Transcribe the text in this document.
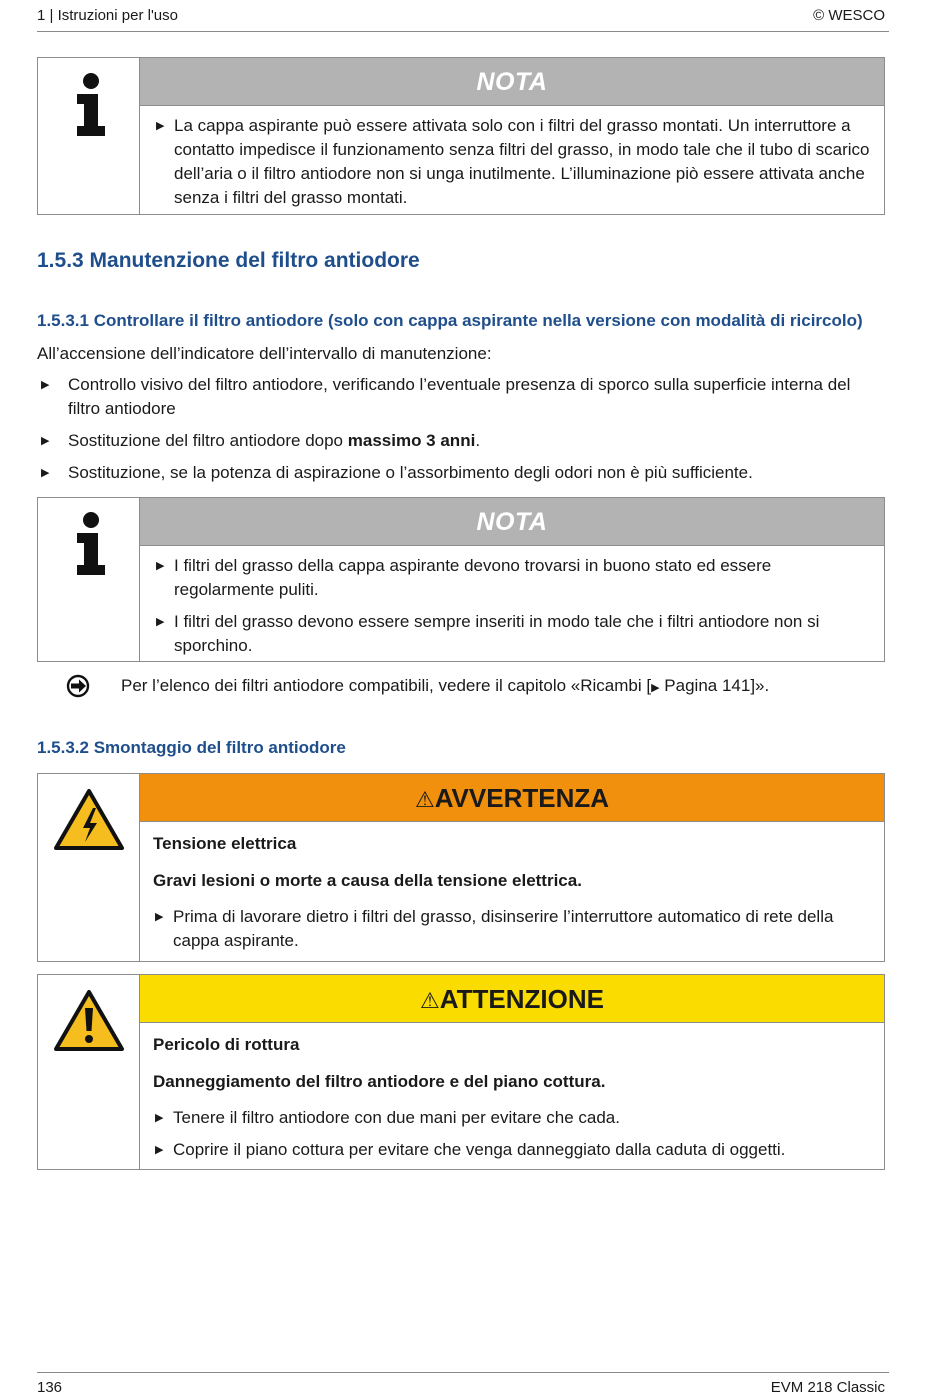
1 | Istruzioni per l'uso	© WESCO
NOTA
▶ La cappa aspirante può essere attivata solo con i filtri del grasso montati. Un interruttore a contatto impedisce il funzionamento senza filtri del grasso, in modo tale che il tubo di scarico dell’aria o il filtro antiodore non si unga inutilmente. L’illuminazione piò essere attivata anche senza i filtri del grasso montati.
1.5.3 Manutenzione del filtro antiodore
1.5.3.1 Controllare il filtro antiodore (solo con cappa aspirante nella versione con modalità di ricircolo)
All’accensione dell’indicatore dell’intervallo di manutenzione:
▶ Controllo visivo del filtro antiodore, verificando l’eventuale presenza di sporco sulla superficie interna del filtro antiodore
▶ Sostituzione del filtro antiodore dopo massimo 3 anni.
▶ Sostituzione, se la potenza di aspirazione o l’assorbimento degli odori non è più sufficiente.
NOTA
▶ I filtri del grasso della cappa aspirante devono trovarsi in buono stato ed essere regolarmente puliti.
▶ I filtri del grasso devono essere sempre inseriti in modo tale che i filtri antiodore non si sporchino.
Per l’elenco dei filtri antiodore compatibili, vedere il capitolo «Ricambi [▶ Pagina 141]».
1.5.3.2 Smontaggio del filtro antiodore
⚠AVVERTENZA
Tensione elettrica
Gravi lesioni o morte a causa della tensione elettrica.
▶ Prima di lavorare dietro i filtri del grasso, disinserire l’interruttore automatico di rete della cappa aspirante.
⚠ATTENZIONE
Pericolo di rottura
Danneggiamento del filtro antiodore e del piano cottura.
▶ Tenere il filtro antiodore con due mani per evitare che cada.
▶ Coprire il piano cottura per evitare che venga danneggiato dalla caduta di oggetti.
136	EVM 218 Classic
